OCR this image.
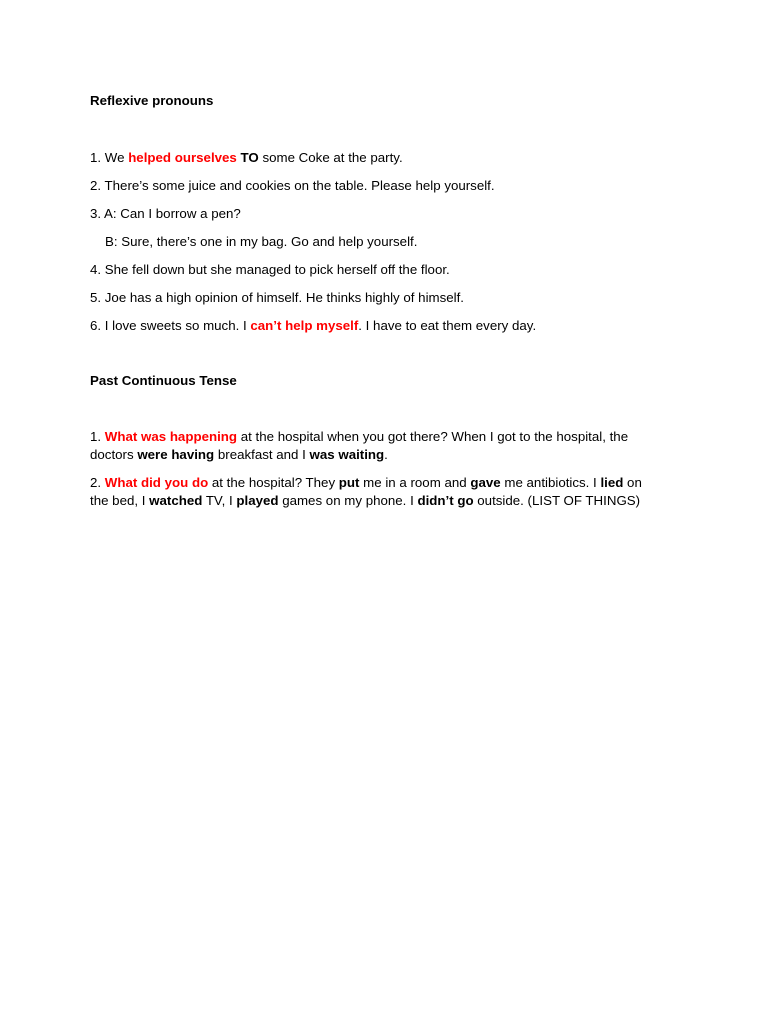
Reflexive pronouns
1. We helped ourselves TO some Coke at the party.
2. There’s some juice and cookies on the table. Please help yourself.
3. A: Can I borrow a pen?
B: Sure, there’s one in my bag. Go and help yourself.
4. She fell down but she managed to pick herself off the floor.
5. Joe has a high opinion of himself. He thinks highly of himself.
6. I love sweets so much. I can’t help myself. I have to eat them every day.
Past Continuous Tense
1. What was happening at the hospital when you got there? When I got to the hospital, the
doctors were having breakfast and I was waiting.
2. What did you do at the hospital? They put me in a room and gave me antibiotics. I lied on
the bed, I watched TV, I played games on my phone. I didn’t go outside. (LIST OF THINGS)
